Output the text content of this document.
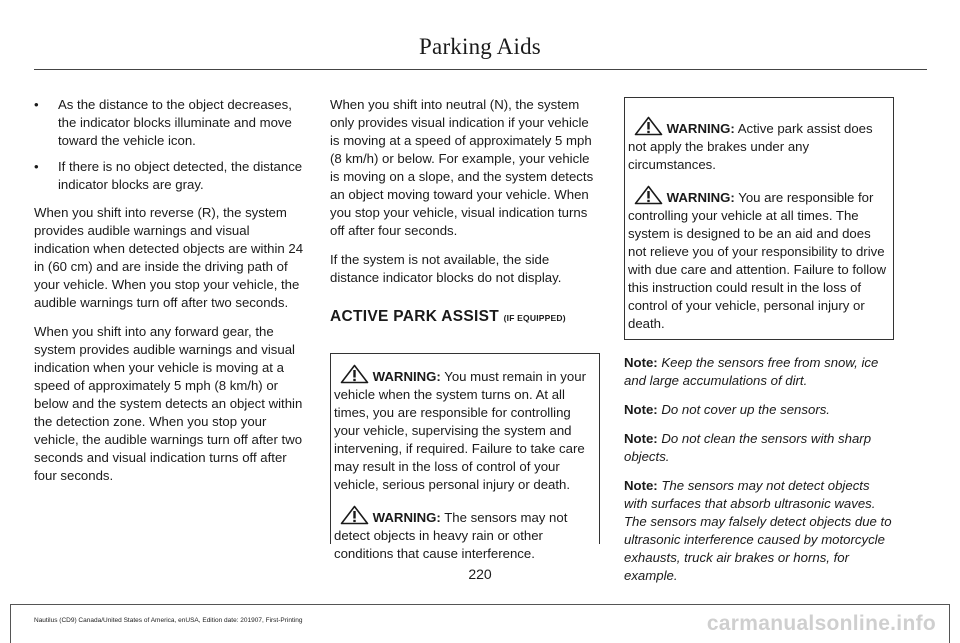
Parking Aids
•	As the distance to the object decreases, the indicator blocks illuminate and move toward the vehicle icon.
•	If there is no object detected, the distance indicator blocks are gray.

When you shift into reverse (R), the system provides audible warnings and visual indication when detected objects are within 24 in (60 cm) and are inside the driving path of your vehicle. When you stop your vehicle, the audible warnings turn off after two seconds.

When you shift into any forward gear, the system provides audible warnings and visual indication when your vehicle is moving at a speed of approximately 5 mph (8 km/h) or below and the system detects an object within the detection zone. When you stop your vehicle, the audible warnings turn off after two seconds and visual indication turns off after four seconds.

When you shift into neutral (N), the system only provides visual indication if your vehicle is moving at a speed of approximately 5 mph (8 km/h) or below. For example, your vehicle is moving on a slope, and the system detects an object moving toward your vehicle. When you stop your vehicle, visual indication turns off after four seconds.

If the system is not available, the side distance indicator blocks do not display.

ACTIVE PARK ASSIST (IF EQUIPPED)

WARNING: You must remain in your vehicle when the system turns on. At all times, you are responsible for controlling your vehicle, supervising the system and intervening, if required. Failure to take care may result in the loss of control of your vehicle, serious personal injury or death.

WARNING: The sensors may not detect objects in heavy rain or other conditions that cause interference.

WARNING: Active park assist does not apply the brakes under any circumstances.

WARNING: You are responsible for controlling your vehicle at all times. The system is designed to be an aid and does not relieve you of your responsibility to drive with due care and attention. Failure to follow this instruction could result in the loss of control of your vehicle, personal injury or death.

Note: Keep the sensors free from snow, ice and large accumulations of dirt.

Note: Do not cover up the sensors.

Note: Do not clean the sensors with sharp objects.

Note: The sensors may not detect objects with surfaces that absorb ultrasonic waves. The sensors may falsely detect objects due to ultrasonic interference caused by motorcycle exhausts, truck air brakes or horns, for example.

220
Nautilus (CD9) Canada/United States of America, enUSA, Edition date: 201907, First-Printing	carmanualsonline.info
